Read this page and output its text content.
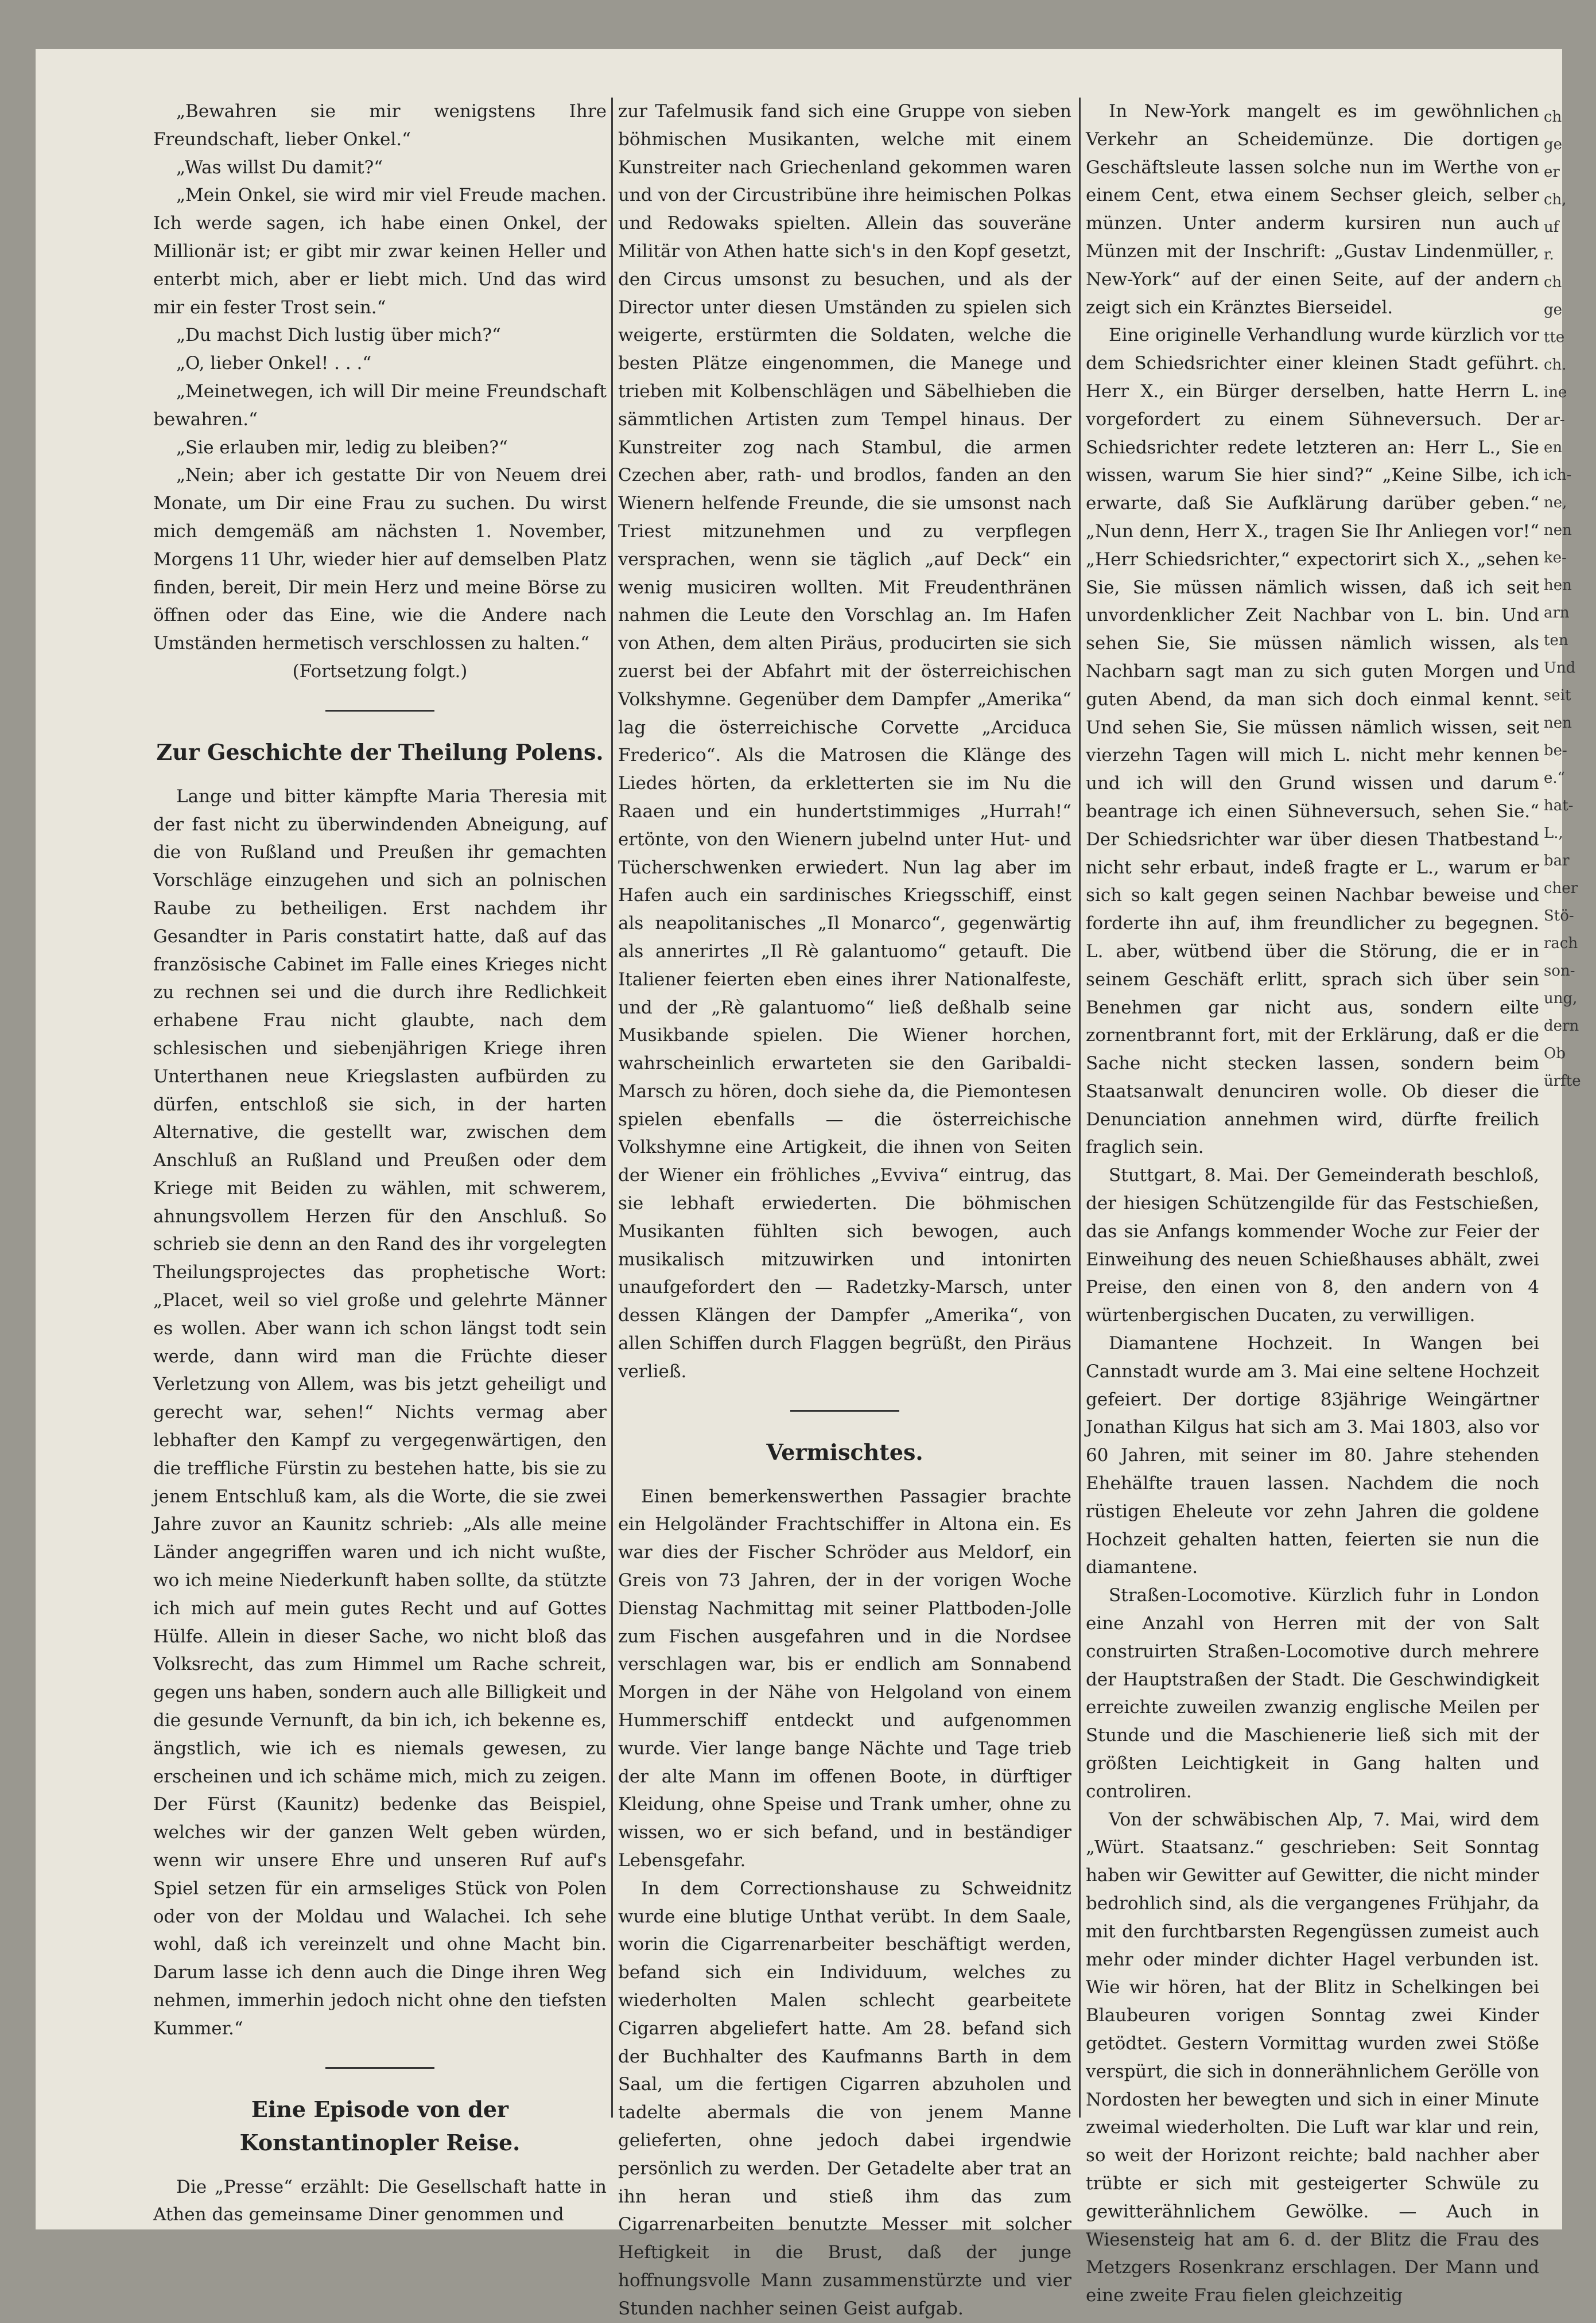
„Bewahren sie mir wenigstens Ihre Freundschaft, lieber Onkel.“

„Was willst Du damit?“

„Mein Onkel, sie wird mir viel Freude machen. Ich werde sagen, ich habe einen Onkel, der Millionär ist; er gibt mir zwar keinen Heller und enterbt mich, aber er liebt mich. Und das wird mir ein fester Trost sein.“

„Du machst Dich lustig über mich?“

„O, lieber Onkel! . . .“

„Meinetwegen, ich will Dir meine Freundschaft bewahren.“

„Sie erlauben mir, ledig zu bleiben?“

„Nein; aber ich gestatte Dir von Neuem drei Monate, um Dir eine Frau zu suchen. Du wirst mich demgemäß am nächsten 1. November, Morgens 11 Uhr, wieder hier auf demselben Platz finden, bereit, Dir mein Herz und meine Börse zu öffnen oder das Eine, wie die Andere nach Umständen hermetisch verschlossen zu halten.“

(Fortsetzung folgt.)

Zur Geschichte der Theilung Polens.

Lange und bitter kämpfte Maria Theresia mit der fast nicht zu überwindenden Abneigung, auf die von Rußland und Preußen ihr gemachten Vorschläge einzugehen und sich an polnischen Raube zu betheiligen. Erst nachdem ihr Gesandter in Paris constatirt hatte, daß auf das französische Cabinet im Falle eines Krieges nicht zu rechnen sei und die durch ihre Redlichkeit erhabene Frau nicht glaubte, nach dem schlesischen und siebenjährigen Kriege ihren Unterthanen neue Kriegslasten aufbürden zu dürfen, entschloß sie sich, in der harten Alternative, die gestellt war, zwischen dem Anschluß an Rußland und Preußen oder dem Kriege mit Beiden zu wählen, mit schwerem, ahnungsvollem Herzen für den Anschluß. So schrieb sie denn an den Rand des ihr vorgelegten Theilungsprojectes das prophetische Wort: „Placet, weil so viel große und gelehrte Männer es wollen. Aber wann ich schon längst todt sein werde, dann wird man die Früchte dieser Verletzung von Allem, was bis jetzt geheiligt und gerecht war, sehen!“ Nichts vermag aber lebhafter den Kampf zu vergegenwärtigen, den die treffliche Fürstin zu bestehen hatte, bis sie zu jenem Entschluß kam, als die Worte, die sie zwei Jahre zuvor an Kaunitz schrieb: „Als alle meine Länder angegriffen waren und ich nicht wußte, wo ich meine Niederkunft haben sollte, da stützte ich mich auf mein gutes Recht und auf Gottes Hülfe. Allein in dieser Sache, wo nicht bloß das Volksrecht, das zum Himmel um Rache schreit, gegen uns haben, sondern auch alle Billigkeit und die gesunde Vernunft, da bin ich, ich bekenne es, ängstlich, wie ich es niemals gewesen, zu erscheinen und ich schäme mich, mich zu zeigen. Der Fürst (Kaunitz) bedenke das Beispiel, welches wir der ganzen Welt geben würden, wenn wir unsere Ehre und unseren Ruf auf's Spiel setzen für ein armseliges Stück von Polen oder von der Moldau und Walachei. Ich sehe wohl, daß ich vereinzelt und ohne Macht bin. Darum lasse ich denn auch die Dinge ihren Weg nehmen, immerhin jedoch nicht ohne den tiefsten Kummer.“

Eine Episode von der Konstantinopler Reise.

Die „Presse“ erzählt: Die Gesellschaft hatte in Athen das gemeinsame Diner genommen und

zur Tafelmusik fand sich eine Gruppe von sieben böhmischen Musikanten, welche mit einem Kunstreiter nach Griechenland gekommen waren und von der Circustribüne ihre heimischen Polkas und Redowaks spielten. Allein das souveräne Militär von Athen hatte sich's in den Kopf gesetzt, den Circus umsonst zu besuchen, und als der Director unter diesen Umständen zu spielen sich weigerte, erstürmten die Soldaten, welche die besten Plätze eingenommen, die Manege und trieben mit Kolbenschlägen und Säbelhieben die sämmtlichen Artisten zum Tempel hinaus. Der Kunstreiter zog nach Stambul, die armen Czechen aber, rath- und brodlos, fanden an den Wienern helfende Freunde, die sie umsonst nach Triest mitzunehmen und zu verpflegen versprachen, wenn sie täglich „auf Deck“ ein wenig musiciren wollten. Mit Freudenthränen nahmen die Leute den Vorschlag an. Im Hafen von Athen, dem alten Piräus, producirten sie sich zuerst bei der Abfahrt mit der österreichischen Volkshymne. Gegenüber dem Dampfer „Amerika“ lag die österreichische Corvette „Arciduca Frederico“. Als die Matrosen die Klänge des Liedes hörten, da erkletterten sie im Nu die Raaen und ein hundertstimmiges „Hurrah!“ ertönte, von den Wienern jubelnd unter Hut- und Tücherschwenken erwiedert. Nun lag aber im Hafen auch ein sardinisches Kriegsschiff, einst als neapolitanisches „Il Monarco“, gegenwärtig als annerirtes „Il Rè galantuomo“ getauft. Die Italiener feierten eben eines ihrer Nationalfeste, und der „Rè galantuomo“ ließ deßhalb seine Musikbande spielen. Die Wiener horchen, wahrscheinlich erwarteten sie den Garibaldi-Marsch zu hören, doch siehe da, die Piemontesen spielen ebenfalls — die österreichische Volkshymne eine Artigkeit, die ihnen von Seiten der Wiener ein fröhliches „Evviva“ eintrug, das sie lebhaft erwiederten. Die böhmischen Musikanten fühlten sich bewogen, auch musikalisch mitzuwirken und intonirten unaufgefordert den — Radetzky-Marsch, unter dessen Klängen der Dampfer „Amerika“, von allen Schiffen durch Flaggen begrüßt, den Piräus verließ.

Vermischtes.

Einen bemerkenswerthen Passagier brachte ein Helgoländer Frachtschiffer in Altona ein. Es war dies der Fischer Schröder aus Meldorf, ein Greis von 73 Jahren, der in der vorigen Woche Dienstag Nachmittag mit seiner Plattboden-Jolle zum Fischen ausgefahren und in die Nordsee verschlagen war, bis er endlich am Sonnabend Morgen in der Nähe von Helgoland von einem Hummerschiff entdeckt und aufgenommen wurde. Vier lange bange Nächte und Tage trieb der alte Mann im offenen Boote, in dürftiger Kleidung, ohne Speise und Trank umher, ohne zu wissen, wo er sich befand, und in beständiger Lebensgefahr.

In dem Correctionshause zu Schweidnitz wurde eine blutige Unthat verübt. In dem Saale, worin die Cigarrenarbeiter beschäftigt werden, befand sich ein Individuum, welches zu wiederholten Malen schlecht gearbeitete Cigarren abgeliefert hatte. Am 28. befand sich der Buchhalter des Kaufmanns Barth in dem Saal, um die fertigen Cigarren abzuholen und tadelte abermals die von jenem Manne gelieferten, ohne jedoch dabei irgendwie persönlich zu werden. Der Getadelte aber trat an ihn heran und stieß ihm das zum Cigarrenarbeiten benutzte Messer mit solcher Heftigkeit in die Brust, daß der junge hoffnungsvolle Mann zusammenstürzte und vier Stunden nachher seinen Geist aufgab.

In New-York mangelt es im gewöhnlichen Verkehr an Scheidemünze. Die dortigen Geschäftsleute lassen solche nun im Werthe von einem Cent, etwa einem Sechser gleich, selber münzen. Unter anderm kursiren nun auch Münzen mit der Inschrift: „Gustav Lindenmüller, New-York“ auf der einen Seite, auf der andern zeigt sich ein Kränztes Bierseidel.

Eine originelle Verhandlung wurde kürzlich vor dem Schiedsrichter einer kleinen Stadt geführt. Herr X., ein Bürger derselben, hatte Herrn L. vorgefordert zu einem Sühneversuch. Der Schiedsrichter redete letzteren an: Herr L., Sie wissen, warum Sie hier sind?“ „Keine Silbe, ich erwarte, daß Sie Aufklärung darüber geben.“ „Nun denn, Herr X., tragen Sie Ihr Anliegen vor!“ „Herr Schiedsrichter,“ expectorirt sich X., „sehen Sie, Sie müssen nämlich wissen, daß ich seit unvordenklicher Zeit Nachbar von L. bin. Und sehen Sie, Sie müssen nämlich wissen, als Nachbarn sagt man zu sich guten Morgen und guten Abend, da man sich doch einmal kennt. Und sehen Sie, Sie müssen nämlich wissen, seit vierzehn Tagen will mich L. nicht mehr kennen und ich will den Grund wissen und darum beantrage ich einen Sühneversuch, sehen Sie.“ Der Schiedsrichter war über diesen Thatbestand nicht sehr erbaut, indeß fragte er L., warum er sich so kalt gegen seinen Nachbar beweise und forderte ihn auf, ihm freundlicher zu begegnen. L. aber, wütbend über die Störung, die er in seinem Geschäft erlitt, sprach sich über sein Benehmen gar nicht aus, sondern eilte zornentbrannt fort, mit der Erklärung, daß er die Sache nicht stecken lassen, sondern beim Staatsanwalt denunciren wolle. Ob dieser die Denunciation annehmen wird, dürfte freilich fraglich sein.

Stuttgart, 8. Mai. Der Gemeinderath beschloß, der hiesigen Schützengilde für das Festschießen, das sie Anfangs kommender Woche zur Feier der Einweihung des neuen Schießhauses abhält, zwei Preise, den einen von 8, den andern von 4 würtenbergischen Ducaten, zu verwilligen.

Diamantene Hochzeit. In Wangen bei Cannstadt wurde am 3. Mai eine seltene Hochzeit gefeiert. Der dortige 83jährige Weingärtner Jonathan Kilgus hat sich am 3. Mai 1803, also vor 60 Jahren, mit seiner im 80. Jahre stehenden Ehehälfte trauen lassen. Nachdem die noch rüstigen Eheleute vor zehn Jahren die goldene Hochzeit gehalten hatten, feierten sie nun die diamantene.

Straßen-Locomotive. Kürzlich fuhr in London eine Anzahl von Herren mit der von Salt construirten Straßen-Locomotive durch mehrere der Hauptstraßen der Stadt. Die Geschwindigkeit erreichte zuweilen zwanzig englische Meilen per Stunde und die Maschienerie ließ sich mit der größten Leichtigkeit in Gang halten und controliren.

Von der schwäbischen Alp, 7. Mai, wird dem „Würt. Staatsanz.“ geschrieben: Seit Sonntag haben wir Gewitter auf Gewitter, die nicht minder bedrohlich sind, als die vergangenes Frühjahr, da mit den furchtbarsten Regengüssen zumeist auch mehr oder minder dichter Hagel verbunden ist. Wie wir hören, hat der Blitz in Schelkingen bei Blaubeuren vorigen Sonntag zwei Kinder getödtet. Gestern Vormittag wurden zwei Stöße verspürt, die sich in donnerähnlichem Gerölle von Nordosten her bewegten und sich in einer Minute zweimal wiederholten. Die Luft war klar und rein, so weit der Horizont reichte; bald nachher aber trübte er sich mit gesteigerter Schwüle zu gewitterähnlichem Gewölke. — Auch in Wiesensteig hat am 6. d. der Blitz die Frau des Metzgers Rosenkranz erschlagen. Der Mann und eine zweite Frau fielen gleichzeitig

ch ge er ch, uf r. ch ge tte ch. ine ar- en ich- ne, nen ke- hen arn ten Und seit nen be- e.“ hat- L., bar cher Stö- rach son- ung, dern Ob ürfte
